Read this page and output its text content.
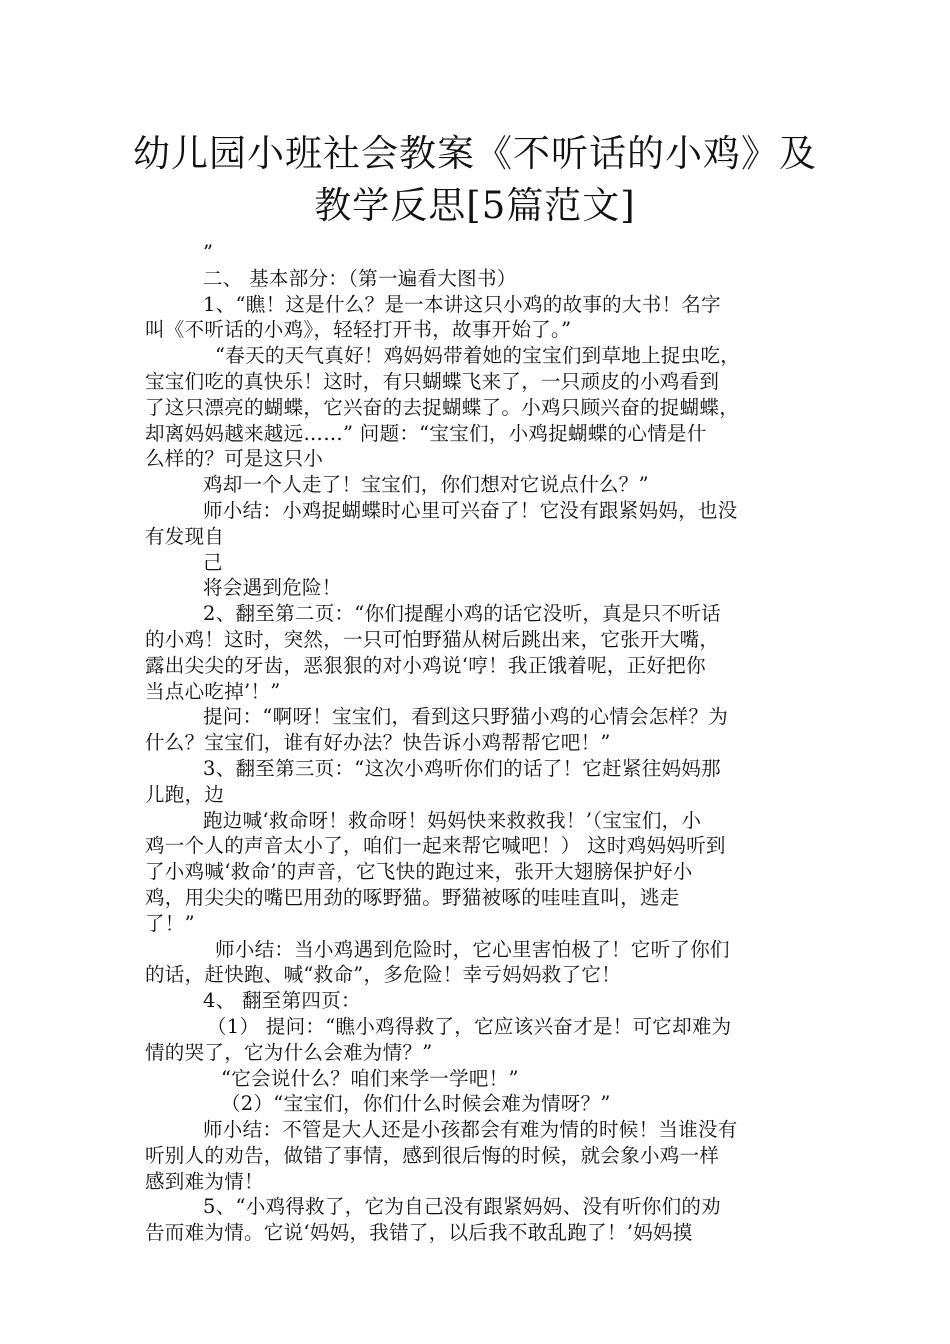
幼儿园小班社会教案《不听话的小鸡》及
教学反思[5篇范文]

”

二、 基本部分：（第一遍看大图书）

1、“瞧！这是什么？是一本讲这只小鸡的故事的大书！名字

叫《不听话的小鸡》，轻轻打开书，故事开始了。”

“春天的天气真好！鸡妈妈带着她的宝宝们到草地上捉虫吃，

宝宝们吃的真快乐！这时，有只蝴蝶飞来了，一只顽皮的小鸡看到

了这只漂亮的蝴蝶，它兴奋的去捉蝴蝶了。小鸡只顾兴奋的捉蝴蝶，

却离妈妈越来越远……” 问题：“宝宝们，小鸡捉蝴蝶的心情是什

么样的？可是这只小

鸡却一个人走了！宝宝们，你们想对它说点什么？”

师小结：小鸡捉蝴蝶时心里可兴奋了！它没有跟紧妈妈，也没

有发现自

己

将会遇到危险！

2、翻至第二页：“你们提醒小鸡的话它没听，真是只不听话

的小鸡！这时，突然，一只可怕野猫从树后跳出来，它张开大嘴，

露出尖尖的牙齿，恶狠狠的对小鸡说‘哼！我正饿着呢，正好把你

当点心吃掉’！”

提问：“啊呀！宝宝们，看到这只野猫小鸡的心情会怎样？为

什么？宝宝们，谁有好办法？快告诉小鸡帮帮它吧！”

3、翻至第三页：“这次小鸡听你们的话了！它赶紧往妈妈那

儿跑，边

跑边喊‘救命呀！救命呀！妈妈快来救救我！’（宝宝们，小

鸡一个人的声音太小了，咱们一起来帮它喊吧！） 这时鸡妈妈听到

了小鸡喊‘救命’的声音，它飞快的跑过来，张开大翅膀保护好小

鸡，用尖尖的嘴巴用劲的啄野猫。野猫被啄的哇哇直叫，逃走

了！”

师小结：当小鸡遇到危险时，它心里害怕极了！它听了你们

的话，赶快跑、喊“救命”，多危险！幸亏妈妈救了它！

4、 翻至第四页：

（1） 提问：“瞧小鸡得救了，它应该兴奋才是！可它却难为

情的哭了，它为什么会难为情？”

“它会说什么？咱们来学一学吧！”

（2）“宝宝们，你们什么时候会难为情呀？”

师小结：不管是大人还是小孩都会有难为情的时候！当谁没有

听别人的劝告，做错了事情，感到很后悔的时候，就会象小鸡一样

感到难为情！

5、“小鸡得救了，它为自己没有跟紧妈妈、没有听你们的劝

告而难为情。它说‘妈妈，我错了，以后我不敢乱跑了！’妈妈摸
